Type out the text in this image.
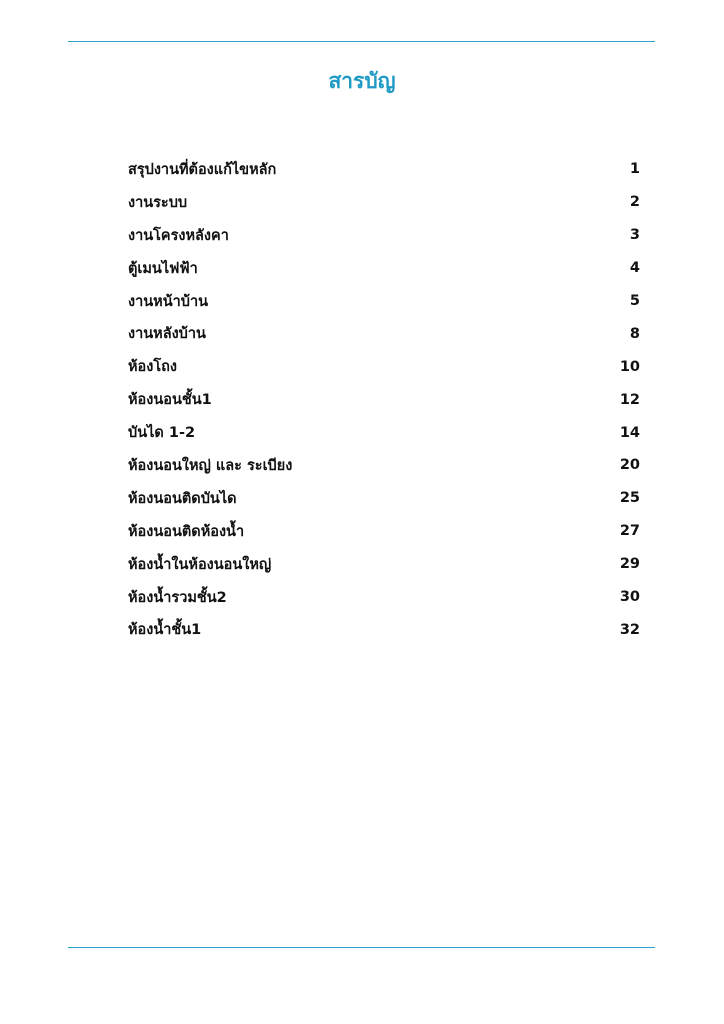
สารบัญ
สรุปงานที่ต้องแก้ไขหลัก	1
งานระบบ	2
งานโครงหลังคา	3
ตู้เมนไฟฟ้า	4
งานหน้าบ้าน	5
งานหลังบ้าน	8
ห้องโถง	10
ห้องนอนชั้น1	12
บันได 1-2	14
ห้องนอนใหญ่ และ ระเบียง	20
ห้องนอนติดบันได	25
ห้องนอนติดห้องน้ำ	27
ห้องน้ำในห้องนอนใหญ่	29
ห้องน้ำรวมชั้น2	30
ห้องน้ำชั้น1	32
